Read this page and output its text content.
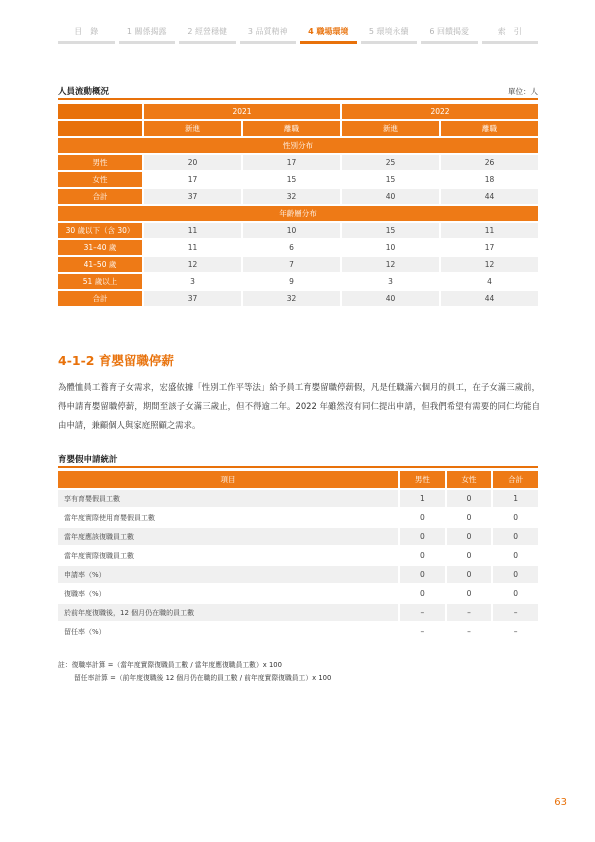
目　錄	1 關係揭露	2 經營穩健	3 品質精神	4 職場環境	5 環境永續	6 回饋揭愛	索　引
人員流動概況	單位：人
	2021		2022	
	新進	離職	新進	離職
性別分布				
男性	20	17	25	26
女性	17	15	15	18
合計	37	32	40	44
年齡層分布				
30 歲以下（含 30）	11	10	15	11
31–40 歲	11	6	10	17
41–50 歲	12	7	12	12
51 歲以上	3	9	3	4
合計	37	32	40	44
4-1-2 育嬰留職停薪

為體恤員工養育子女需求，宏盛依據「性別工作平等法」給予員工育嬰留職停薪假，凡是任職滿六個月的員工，在子女滿三歲前，得申請育嬰留職停薪，期間至該子女滿三歲止，但不得逾二年。2022 年雖然沒有同仁提出申請，但我們希望有需要的同仁均能自由申請，兼顧個人與家庭照顧之需求。

育嬰假申請統計
項目	男性	女性	合計
享有育嬰假員工數	1	0	1
當年度實際使用育嬰假員工數	0	0	0
當年度應該復職員工數	0	0	0
當年度實際復職員工數	0	0	0
申請率（%）	0	0	0
復職率（%）	0	0	0
於前年度復職後，12 個月仍在職的員工數	–	–	–
留任率（%）	–	–	–
註：復職率計算 =（當年度實際復職員工數 / 當年度應復職員工數）x 100
留任率計算 =（前年度復職後 12 個月仍在職的員工數 / 前年度實際復職員工）x 100
63
